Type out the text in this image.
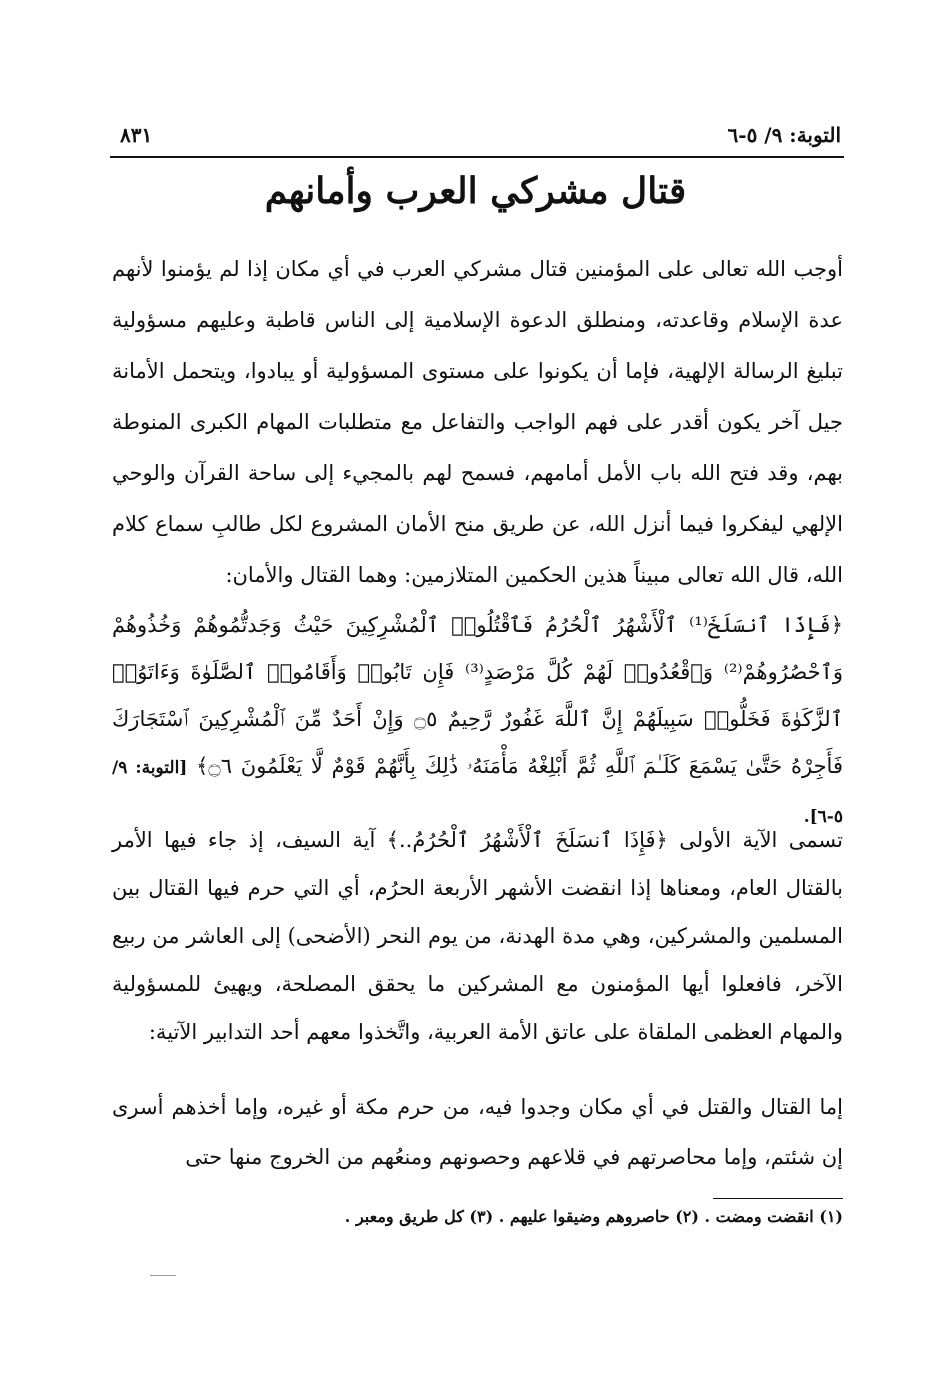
٨٣١	التوبة: ٩/ ٥-٦
قتال مشركي العرب وأمانهم
أوجب الله تعالى على المؤمنين قتال مشركي العرب في أي مكان إذا لم يؤمنوا لأنهم عدة الإسلام وقاعدته، ومنطلق الدعوة الإسلامية إلى الناس قاطبة وعليهم مسؤولية تبليغ الرسالة الإلهية، فإما أن يكونوا على مستوى المسؤولية أو يبادوا، ويتحمل الأمانة جيل آخر يكون أقدر على فهم الواجب والتفاعل مع متطلبات المهام الكبرى المنوطة بهم، وقد فتح الله باب الأمل أمامهم، فسمح لهم بالمجيء إلى ساحة القرآن والوحي الإلهي ليفكروا فيما أنزل الله، عن طريق منح الأمان المشروع لكل طالبِ سماع كلام الله، قال الله تعالى مبيناً هذين الحكمين المتلازمين: وهما القتال والأمان:
﴿فَإِذَا ٱنسَلَخَ⁽¹⁾ ٱلْأَشْهُرُ ٱلْحُرُمُ فَٱقْتُلُوا۟ ٱلْمُشْرِكِينَ حَيْثُ وَجَدتُّمُوهُمْ وَخُذُوهُمْ وَٱحْصُرُوهُمْ⁽²⁾ وَٱقْعُدُوا۟ لَهُمْ كُلَّ مَرْصَدٍ⁽³⁾ فَإِن تَابُوا۟ وَأَقَامُوا۟ ٱلصَّلَوٰةَ وَءَاتَوُا۟ ٱلزَّكَوٰةَ فَخَلُّوا۟ سَبِيلَهُمْ إِنَّ ٱللَّهَ غَفُورٌ رَّحِيمٌ ۝٥ وَإِنْ أَحَدٌ مِّنَ ٱلْمُشْرِكِينَ ٱسْتَجَارَكَ فَأَجِرْهُ حَتَّىٰ يَسْمَعَ كَلَـٰمَ ٱللَّهِ ثُمَّ أَبْلِغْهُ مَأْمَنَهُۥ ذَٰلِكَ بِأَنَّهُمْ قَوْمٌ لَّا يَعْلَمُونَ ۝٦﴾ [التوبة: ٩/ ٥-٦].
تسمى الآية الأولى ﴿فَإِذَا ٱنسَلَخَ ٱلْأَشْهُرُ ٱلْحُرُمُ..﴾ آية السيف، إذ جاء فيها الأمر بالقتال العام، ومعناها إذا انقضت الأشهر الأربعة الحرُم، أي التي حرم فيها القتال بين المسلمين والمشركين، وهي مدة الهدنة، من يوم النحر (الأضحى) إلى العاشر من ربيع الآخر، فافعلوا أيها المؤمنون مع المشركين ما يحقق المصلحة، ويهيئ للمسؤولية والمهام العظمى الملقاة على عاتق الأمة العربية، واتَّخذوا معهم أحد التدابير الآتية:
إما القتال والقتل في أي مكان وجدوا فيه، من حرم مكة أو غيره، وإما أخذهم أسرى إن شئتم، وإما محاصرتهم في قلاعهم وحصونهم ومنعُهم من الخروج منها حتى
(١) انقضت ومضت . (٢) حاصروهم وضيقوا عليهم . (٣) كل طريق ومعبر .
